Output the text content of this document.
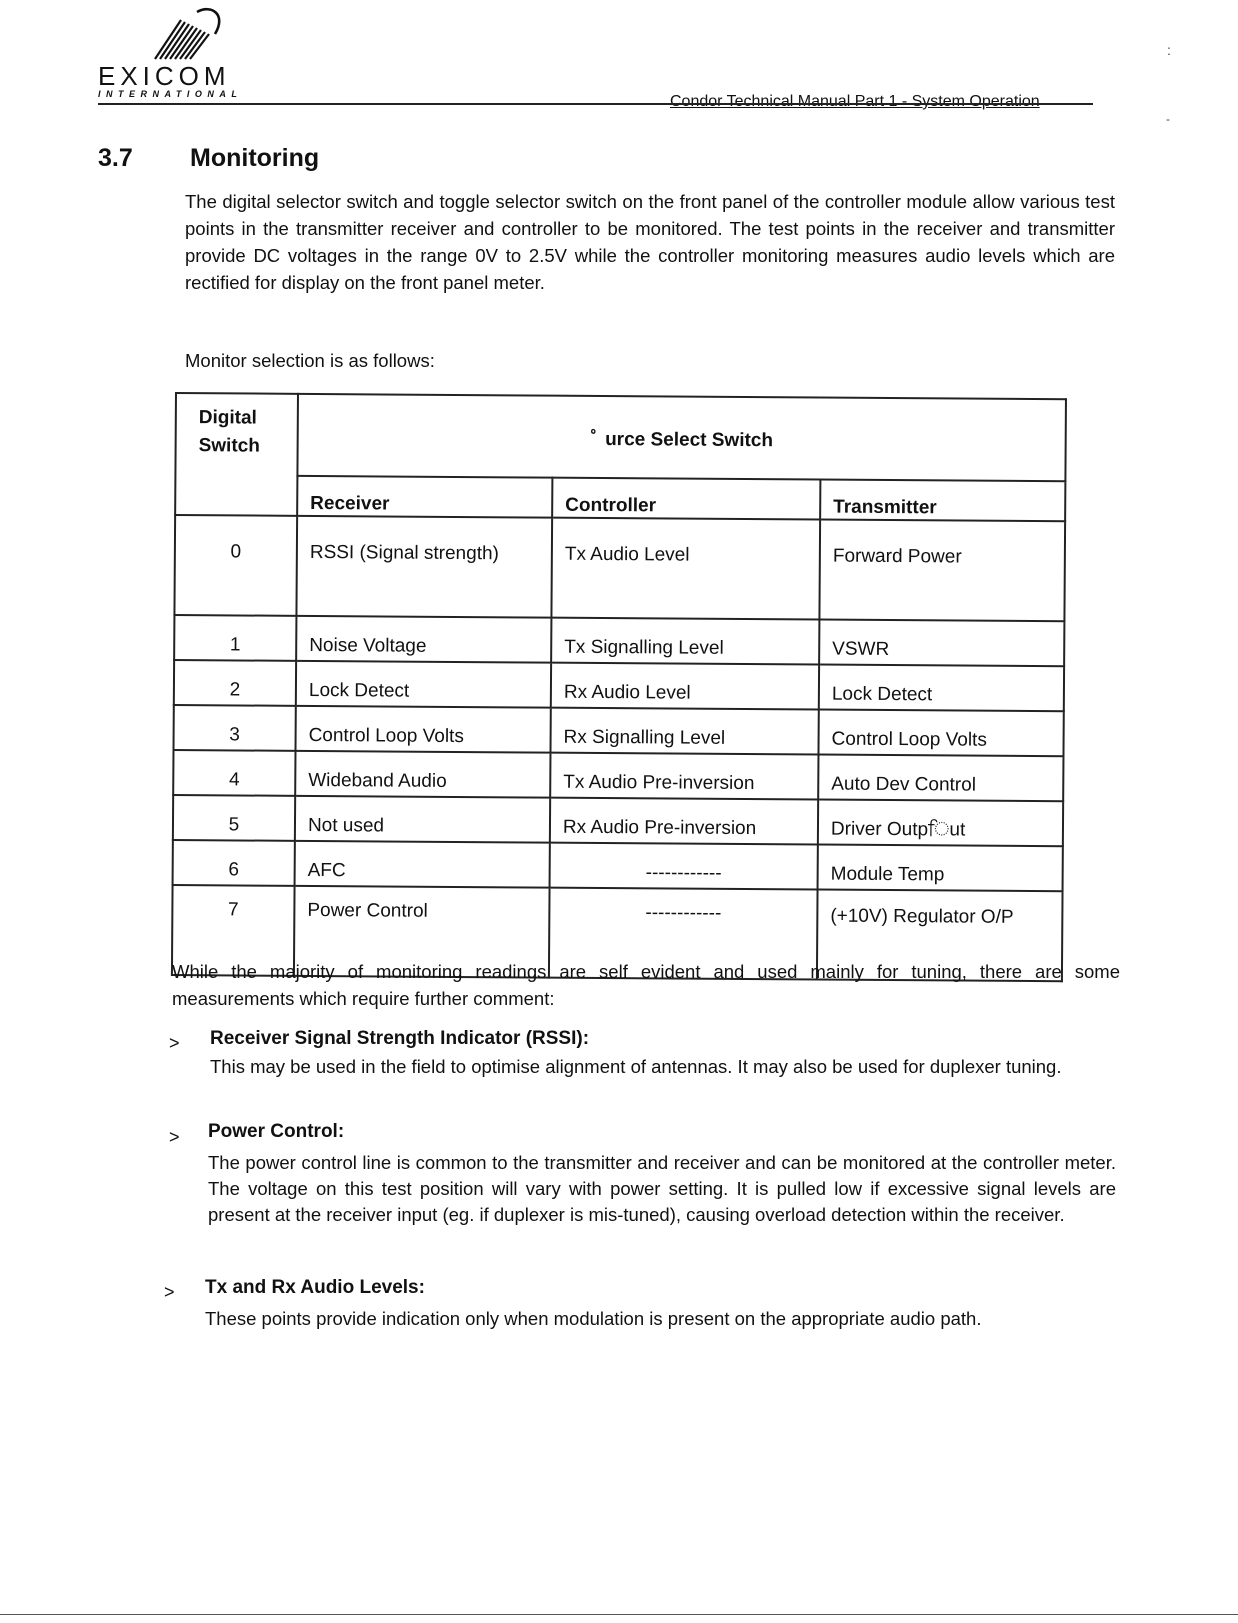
EXICOM
INTERNATIONAL	Condor Technical Manual Part 1 - System Operation
:
-
3.7 Monitoring
The digital selector switch and toggle selector switch on the front panel of the controller module allow various test points in the transmitter receiver and controller to be monitored. The test points in the receiver and transmitter provide DC voltages in the range 0V to 2.5V while the controller monitoring measures audio levels which are rectified for display on the front panel meter.
Monitor selection is as follows:
Digital Switch	ﾟ urce Select Switch		
	Receiver	Controller	Transmitter
0	RSSI (Signal strength)	Tx Audio Level	Forward Power
1	Noise Voltage	Tx Signalling Level	VSWR
2	Lock Detect	Rx Audio Level	Lock Detect
3	Control Loop Volts	Rx Signalling Level	Control Loop Volts
4	Wideband Audio	Tx Audio Pre-inversion	Auto Dev Control
5	Not used	Rx Audio Pre-inversion	Driver Outpਿut
6	AFC	------------	Module Temp
7	Power Control	------------	(+10V) Regulator O/P
While the majority of monitoring readings are self evident and used mainly for tuning, there are some measurements which require further comment:
> Receiver Signal Strength Indicator (RSSI):
This may be used in the field to optimise alignment of antennas. It may also be used for duplexer tuning.
> Power Control:
The power control line is common to the transmitter and receiver and can be monitored at the controller meter. The voltage on this test position will vary with power setting. It is pulled low if excessive signal levels are present at the receiver input (eg. if duplexer is mis-tuned), causing overload detection within the receiver.
> Tx and Rx Audio Levels:
These points provide indication only when modulation is present on the appropriate audio path.
